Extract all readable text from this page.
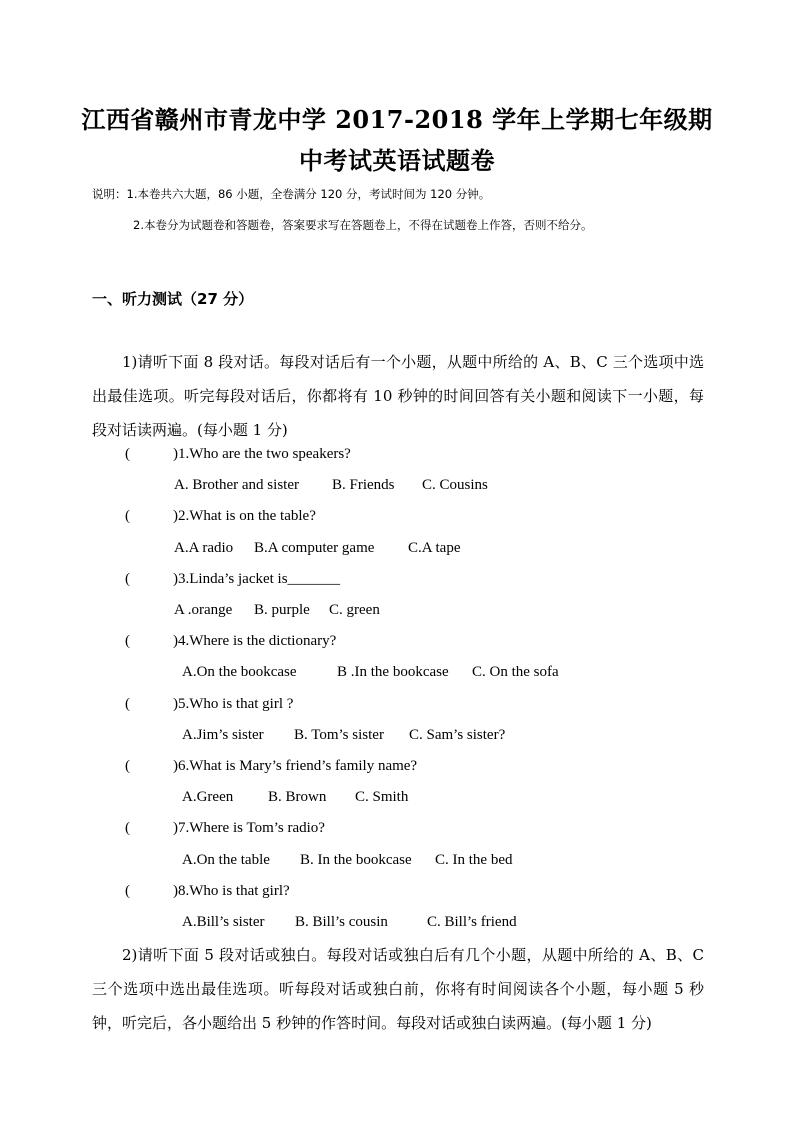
江西省赣州市青龙中学 2017-2018 学年上学期七年级期
中考试英语试题卷
说明：1.本卷共六大题，86 小题，全卷满分 120 分，考试时间为 120 分钟。
2.本卷分为试题卷和答题卷，答案要求写在答题卷上，不得在试题卷上作答，否则不给分。
一、听力测试（27 分）
1)请听下面 8 段对话。每段对话后有一个小题，从题中所给的 A、B、C 三个选项中选出最佳选项。听完每段对话后，你都将有 10 秒钟的时间回答有关小题和阅读下一小题，每段对话读两遍。(每小题 1 分)
(	)1.Who are the two speakers?
A. Brother and sister B. Friends C. Cousins
(	)2.What is on the table?
A.A radio B.A computer game C.A tape
(	)3.Linda’s jacket is_______
A .orange B. purple C. green
(	)4.Where is the dictionary?
A.On the bookcase	B .In the bookcase C. On the sofa
(	)5.Who is that girl ?
A.Jim’s sister B. Tom’s sister C. Sam’s sister?
(	)6.What is Mary’s friend’s family name?
A.Green B. Brown C. Smith
(	)7.Where is Tom’s radio?
A.On the table B. In the bookcase C. In the bed
(	)8.Who is that girl?
A.Bill’s sister B. Bill’s cousin	C. Bill’s friend
2)请听下面 5 段对话或独白。每段对话或独白后有几个小题，从题中所给的 A、B、C 三个选项中选出最佳选项。听每段对话或独白前，你将有时间阅读各个小题，每小题 5 秒钟，听完后，各小题给出 5 秒钟的作答时间。每段对话或独白读两遍。(每小题 1 分)
